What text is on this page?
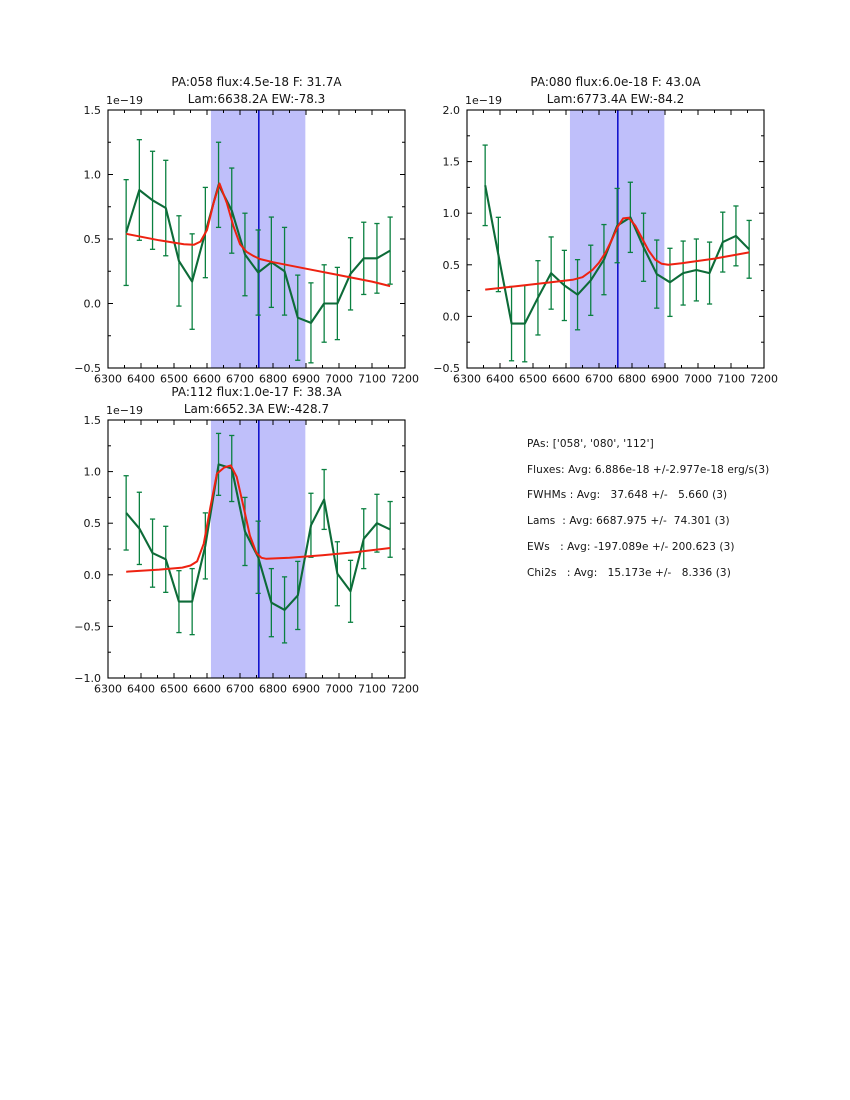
6300 6400 6500 6600 6700 6800 6900 7000 7100 7200
−0.5
0.0
0.5
1.0
1.5
PA:058 flux:4.5e-18 F: 31.7A
Lam:6638.2A EW:-78.3
1e−19
6300 6400 6500 6600 6700 6800 6900 7000 7100 7200
−0.5
0.0
0.5
1.0
1.5
2.0
PA:080 flux:6.0e-18 F: 43.0A
Lam:6773.4A EW:-84.2
1e−19
6300 6400 6500 6600 6700 6800 6900 7000 7100 7200
−1.0
−0.5
0.0
0.5
1.0
1.5
PA:112 flux:1.0e-17 F: 38.3A
Lam:6652.3A EW:-428.7
1e−19
PAs: ['058', '080', '112']
Fluxes: Avg: 6.886e-18 +/-2.977e-18 erg/s(3)
FWHMs : Avg:   37.648 +/-   5.660 (3)
Lams  : Avg: 6687.975 +/-  74.301 (3)
EWs   : Avg: -197.089e +/- 200.623 (3)
Chi2s   : Avg:   15.173e +/-   8.336 (3)
